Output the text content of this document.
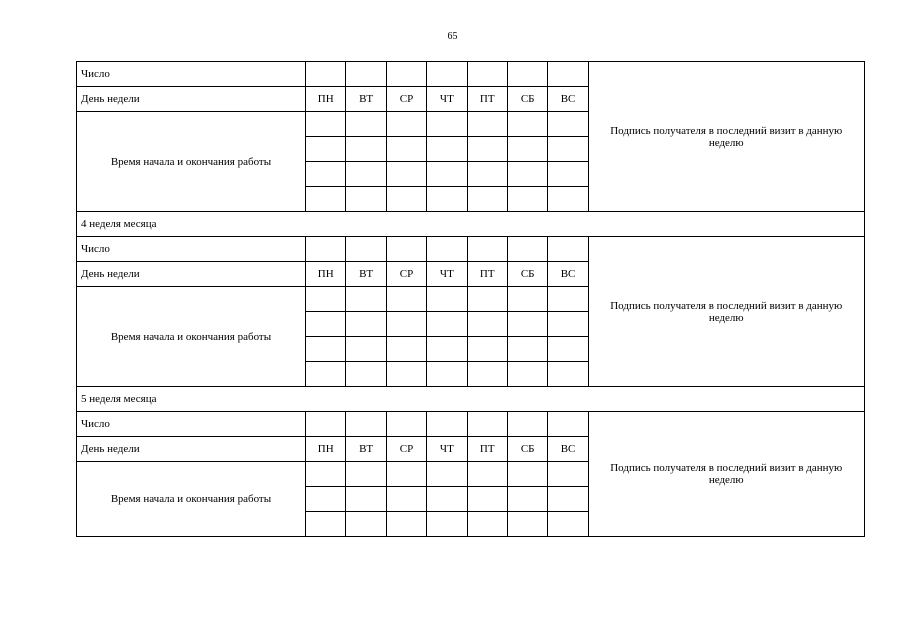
65
Число								Подпись получателя в последний визит в данную неделю
День недели	ПН	ВТ	СР	ЧТ	ПТ	СБ	ВС	
Время начала и окончания работы								

4 неделя месяца								
Число								Подпись получателя в последний визит в данную неделю
День недели	ПН	ВТ	СР	ЧТ	ПТ	СБ	ВС	
Время начала и окончания работы								

5 неделя месяца								
Число								Подпись получателя в последний визит в данную неделю
День недели	ПН	ВТ	СР	ЧТ	ПТ	СБ	ВС	
Время начала и окончания работы								
